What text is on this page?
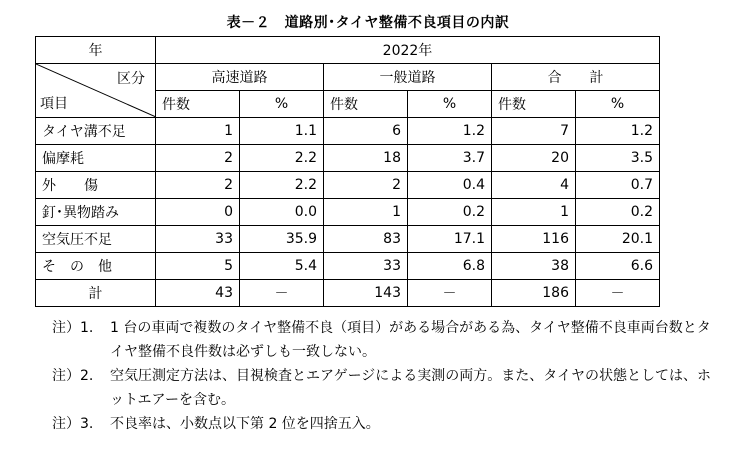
表－２　道路別･タイヤ整備不良項目の内訳
年	2022年					

区分
項目	高速道路		一般道路		合　　計	
	件数	%	件数	%	件数	%
タイヤ溝不足	1	1.1	6	1.2	7	1.2
偏摩耗	2	2.2	18	3.7	20	3.5
外　　傷	2	2.2	2	0.4	4	0.7
釘･異物踏み	0	0.0	1	0.2	1	0.2
空気圧不足	33	35.9	83	17.1	116	20.1
そ　の　他	5	5.4	33	6.8	38	6.6
計	43	－	143	－	186	－
注）1.	1 台の車両で複数のタイヤ整備不良（項目）がある場合がある為、タイヤ整備不良車両台数とタイヤ整備不良件数は必ずしも一致しない。
注）2.	空気圧測定方法は、目視検査とエアゲージによる実測の両方。また、タイヤの状態としては、ホットエアーを含む。
注）3.	不良率は、小数点以下第 2 位を四捨五入。
